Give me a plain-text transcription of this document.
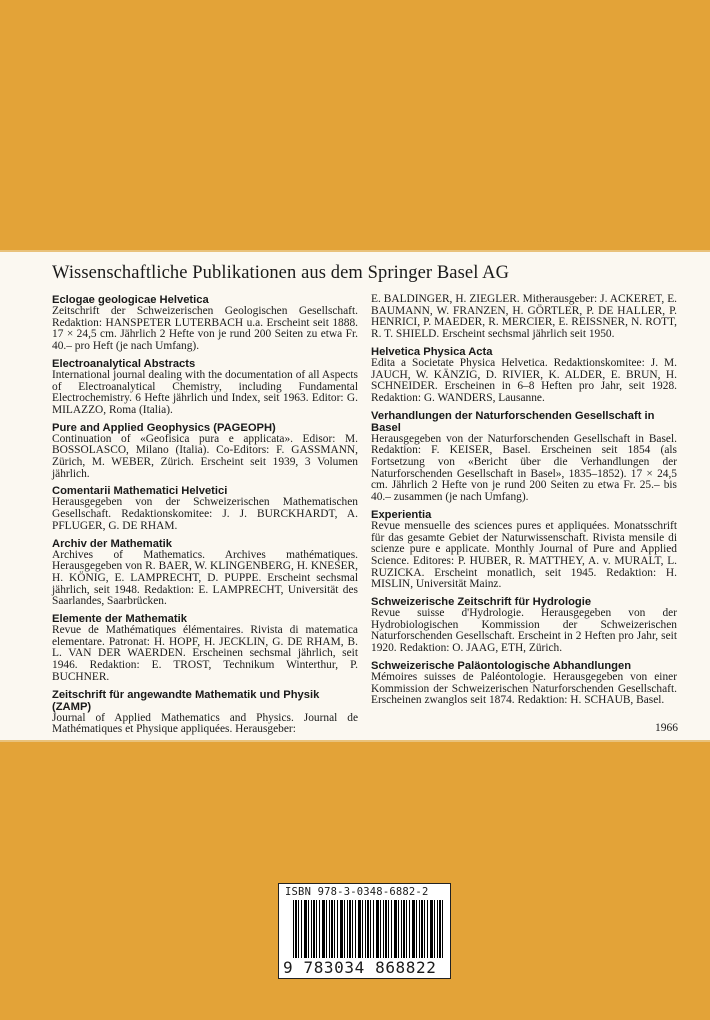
Wissenschaftliche Publikationen aus dem Springer Basel AG
Eclogae geologicae Helvetica
Zeitschrift der Schweizerischen Geologischen Gesellschaft. Redaktion: HANSPETER LUTERBACH u.a. Erscheint seit 1888. 17 × 24,5 cm. Jährlich 2 Hefte von je rund 200 Seiten zu etwa Fr. 40.– pro Heft (je nach Umfang).
Electroanalytical Abstracts
International journal dealing with the documentation of all Aspects of Electroanalytical Chemistry, including Fundamental Electrochemistry. 6 Hefte jährlich und Index, seit 1963. Editor: G. MILAZZO, Roma (Italia).
Pure and Applied Geophysics (PAGEOPH)
Continuation of «Geofisica pura e applicata». Edisor: M. BOSSOLASCO, Milano (Italia). Co-Editors: F. GASSMANN, Zürich, M. WEBER, Zürich. Erscheint seit 1939, 3 Volumen jährlich.
Comentarii Mathematici Helvetici
Herausgegeben von der Schweizerischen Mathematischen Gesellschaft. Redaktionskomitee: J. J. BURCKHARDT, A. PFLUGER, G. DE RHAM.
Archiv der Mathematik
Archives of Mathematics. Archives mathématiques. Herausgegeben von R. BAER, W. KLINGENBERG, H. KNESER, H. KÖNIG, E. LAMPRECHT, D. PUPPE. Erscheint sechsmal jährlich, seit 1948. Redaktion: E. LAMPRECHT, Universität des Saarlandes, Saarbrücken.
Elemente der Mathematik
Revue de Mathématiques élémentaires. Rivista di matematica elementare. Patronat: H. HOPF, H. JECKLIN, G. DE RHAM, B. L. VAN DER WAERDEN. Erscheinen sechsmal jährlich, seit 1946. Redaktion: E. TROST, Technikum Winterthur, P. BUCHNER.
Zeitschrift für angewandte Mathematik und Physik (ZAMP)
Journal of Applied Mathematics and Physics. Journal de Mathématiques et Physique appliquées. Herausgeber:
E. BALDINGER, H. ZIEGLER. Mitherausgeber: J. ACKERET, E. BAUMANN, W. FRANZEN, H. GÖRTLER, P. DE HALLER, P. HENRICI, P. MAEDER, R. MERCIER, E. REISSNER, N. ROTT, R. T. SHIELD. Erscheint sechsmal jährlich seit 1950.
Helvetica Physica Acta
Edita a Societate Physica Helvetica. Redaktionskomitee: J. M. JAUCH, W. KÄNZIG, D. RIVIER, K. ALDER, E. BRUN, H. SCHNEIDER. Erscheinen in 6–8 Heften pro Jahr, seit 1928. Redaktion: G. WANDERS, Lausanne.
Verhandlungen der Naturforschenden Gesellschaft in Basel
Herausgegeben von der Naturforschenden Gesellschaft in Basel. Redaktion: F. KEISER, Basel. Erscheinen seit 1854 (als Fortsetzung von «Bericht über die Verhandlungen der Naturforschenden Gesellschaft in Basel», 1835–1852). 17 × 24,5 cm. Jährlich 2 Hefte von je rund 200 Seiten zu etwa Fr. 25.– bis 40.– zusammen (je nach Umfang).
Experientia
Revue mensuelle des sciences pures et appliquées. Monatsschrift für das gesamte Gebiet der Naturwissenschaft. Rivista mensile di scienze pure e applicate. Monthly Journal of Pure and Applied Science. Editores: P. HUBER, R. MATTHEY, A. v. MURALT, L. RUZICKA. Erscheint monatlich, seit 1945. Redaktion: H. MISLIN, Universität Mainz.
Schweizerische Zeitschrift für Hydrologie
Revue suisse d'Hydrologie. Herausgegeben von der Hydrobiologischen Kommission der Schweizerischen Naturforschenden Gesellschaft. Erscheint in 2 Heften pro Jahr, seit 1920. Redaktion: O. JAAG, ETH, Zürich.
Schweizerische Paläontologische Abhandlungen
Mémoires suisses de Paléontologie. Herausgegeben von einer Kommission der Schweizerischen Naturforschenden Gesellschaft. Erscheinen zwanglos seit 1874. Redaktion: H. SCHAUB, Basel.
1966
ISBN 978-3-0348-6882-2
9 783034 868822
